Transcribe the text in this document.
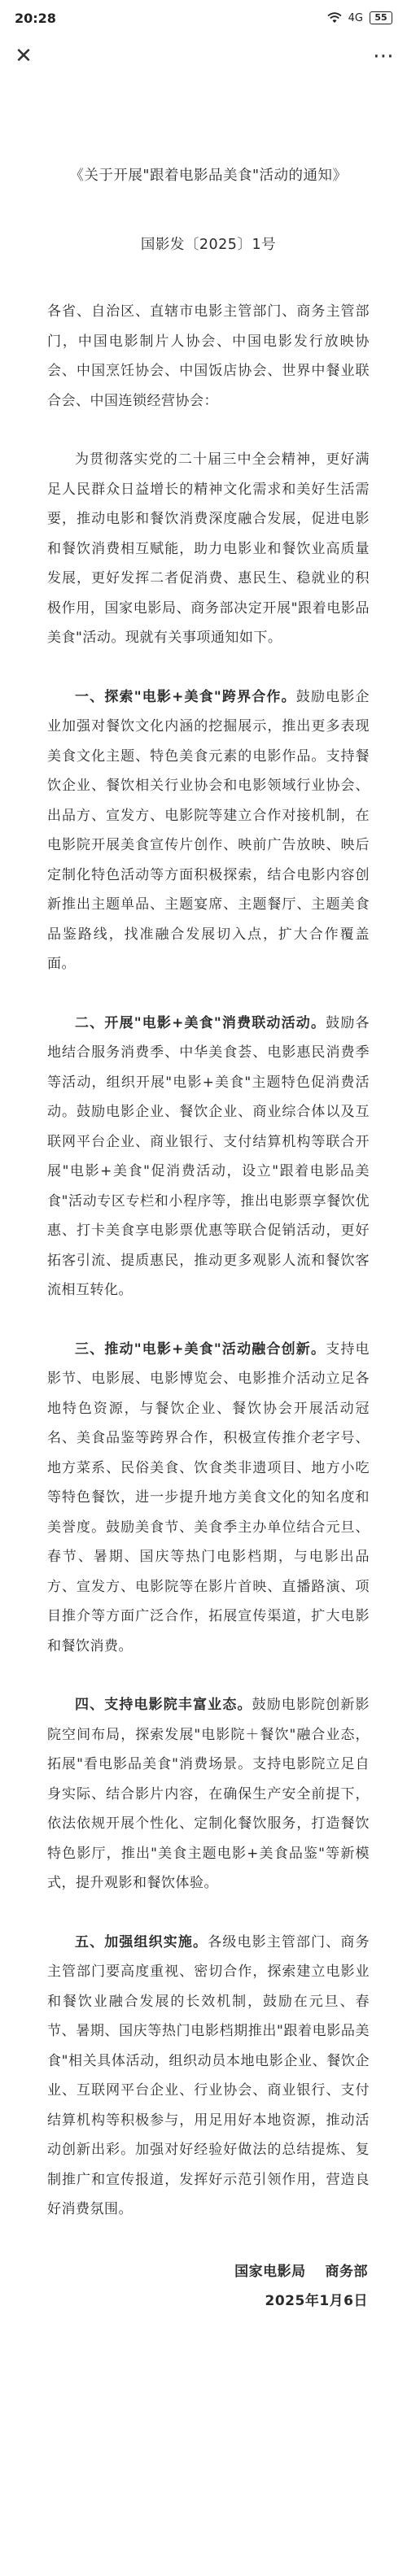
20:28	4G	55
✕	⋯
《关于开展"跟着电影品美食"活动的通知》
国影发〔2025〕1号

各省、自治区、直辖市电影主管部门、商务主管部门，中国电影制片人协会、中国电影发行放映协会、中国烹饪协会、中国饭店协会、世界中餐业联合会、中国连锁经营协会：

为贯彻落实党的二十届三中全会精神，更好满足人民群众日益增长的精神文化需求和美好生活需要，推动电影和餐饮消费深度融合发展，促进电影和餐饮消费相互赋能，助力电影业和餐饮业高质量发展，更好发挥二者促消费、惠民生、稳就业的积极作用，国家电影局、商务部决定开展"跟着电影品美食"活动。现就有关事项通知如下。

一、探索"电影+美食"跨界合作。鼓励电影企业加强对餐饮文化内涵的挖掘展示，推出更多表现美食文化主题、特色美食元素的电影作品。支持餐饮企业、餐饮相关行业协会和电影领域行业协会、出品方、宣发方、电影院等建立合作对接机制，在电影院开展美食宣传片创作、映前广告放映、映后定制化特色活动等方面积极探索，结合电影内容创新推出主题单品、主题宴席、主题餐厅、主题美食品鉴路线，找准融合发展切入点，扩大合作覆盖面。

二、开展"电影+美食"消费联动活动。鼓励各地结合服务消费季、中华美食荟、电影惠民消费季等活动，组织开展"电影+美食"主题特色促消费活动。鼓励电影企业、餐饮企业、商业综合体以及互联网平台企业、商业银行、支付结算机构等联合开展"电影+美食"促消费活动，设立"跟着电影品美食"活动专区专栏和小程序等，推出电影票享餐饮优惠、打卡美食享电影票优惠等联合促销活动，更好拓客引流、提质惠民，推动更多观影人流和餐饮客流相互转化。

三、推动"电影+美食"活动融合创新。支持电影节、电影展、电影博览会、电影推介活动立足各地特色资源，与餐饮企业、餐饮协会开展活动冠名、美食品鉴等跨界合作，积极宣传推介老字号、地方菜系、民俗美食、饮食类非遗项目、地方小吃等特色餐饮，进一步提升地方美食文化的知名度和美誉度。鼓励美食节、美食季主办单位结合元旦、春节、暑期、国庆等热门电影档期，与电影出品方、宣发方、电影院等在影片首映、直播路演、项目推介等方面广泛合作，拓展宣传渠道，扩大电影和餐饮消费。

四、支持电影院丰富业态。鼓励电影院创新影院空间布局，探索发展"电影院＋餐饮"融合业态，拓展"看电影品美食"消费场景。支持电影院立足自身实际、结合影片内容，在确保生产安全前提下，依法依规开展个性化、定制化餐饮服务，打造餐饮特色影厅，推出"美食主题电影+美食品鉴"等新模式，提升观影和餐饮体验。

五、加强组织实施。各级电影主管部门、商务主管部门要高度重视、密切合作，探索建立电影业和餐饮业融合发展的长效机制，鼓励在元旦、春节、暑期、国庆等热门电影档期推出"跟着电影品美食"相关具体活动，组织动员本地电影企业、餐饮企业、互联网平台企业、行业协会、商业银行、支付结算机构等积极参与，用足用好本地资源，推动活动创新出彩。加强对好经验好做法的总结提炼、复制推广和宣传报道，发挥好示范引领作用，营造良好消费氛围。

国家电影局　 商务部
2025年1月6日
